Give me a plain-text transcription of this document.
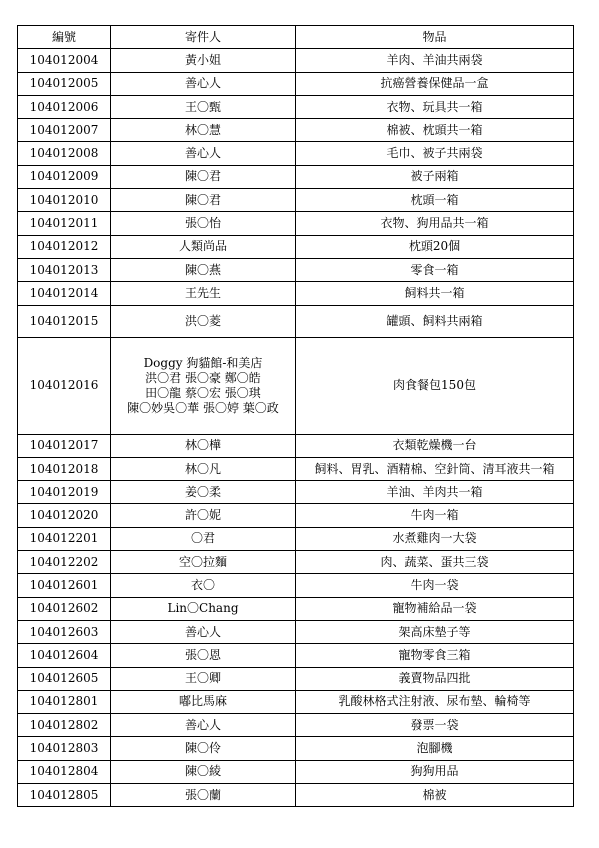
編號	寄件人	物品
104012004	黃小姐	羊肉、羊油共兩袋
104012005	善心人	抗癌營養保健品一盒
104012006	王〇甄	衣物、玩具共一箱
104012007	林〇慧	棉被、枕頭共一箱
104012008	善心人	毛巾、被子共兩袋
104012009	陳〇君	被子兩箱
104012010	陳〇君	枕頭一箱
104012011	張〇怡	衣物、狗用品共一箱
104012012	人類尚品	枕頭20個
104012013	陳〇燕	零食一箱
104012014	王先生	飼料共一箱
104012015	洪〇菱	罐頭、飼料共兩箱
104012016	Doggy 狗貓館-和美店
洪〇君 張〇豪 鄭〇皓
田〇龍 蔡〇宏 張〇琪
陳〇妙吳〇華 張〇婷 葉〇政	肉食餐包150包
104012017	林〇樺	衣類乾燥機一台
104012018	林〇凡	飼料、胃乳、酒精棉、空針筒、清耳液共一箱
104012019	姜〇柔	羊油、羊肉共一箱
104012020	許〇妮	牛肉一箱
104012201	〇君	水煮雞肉一大袋
104012202	空〇拉麵	肉、蔬菜、蛋共三袋
104012601	衣〇	牛肉一袋
104012602	Lin〇Chang	寵物補給品一袋
104012603	善心人	架高床墊子等
104012604	張〇恩	寵物零食三箱
104012605	王〇卿	義賣物品四批
104012801	嘟比馬麻	乳酸林格式注射液、尿布墊、輪椅等
104012802	善心人	發票一袋
104012803	陳〇伶	泡腳機
104012804	陳〇綾	狗狗用品
104012805	張〇蘭	棉被
